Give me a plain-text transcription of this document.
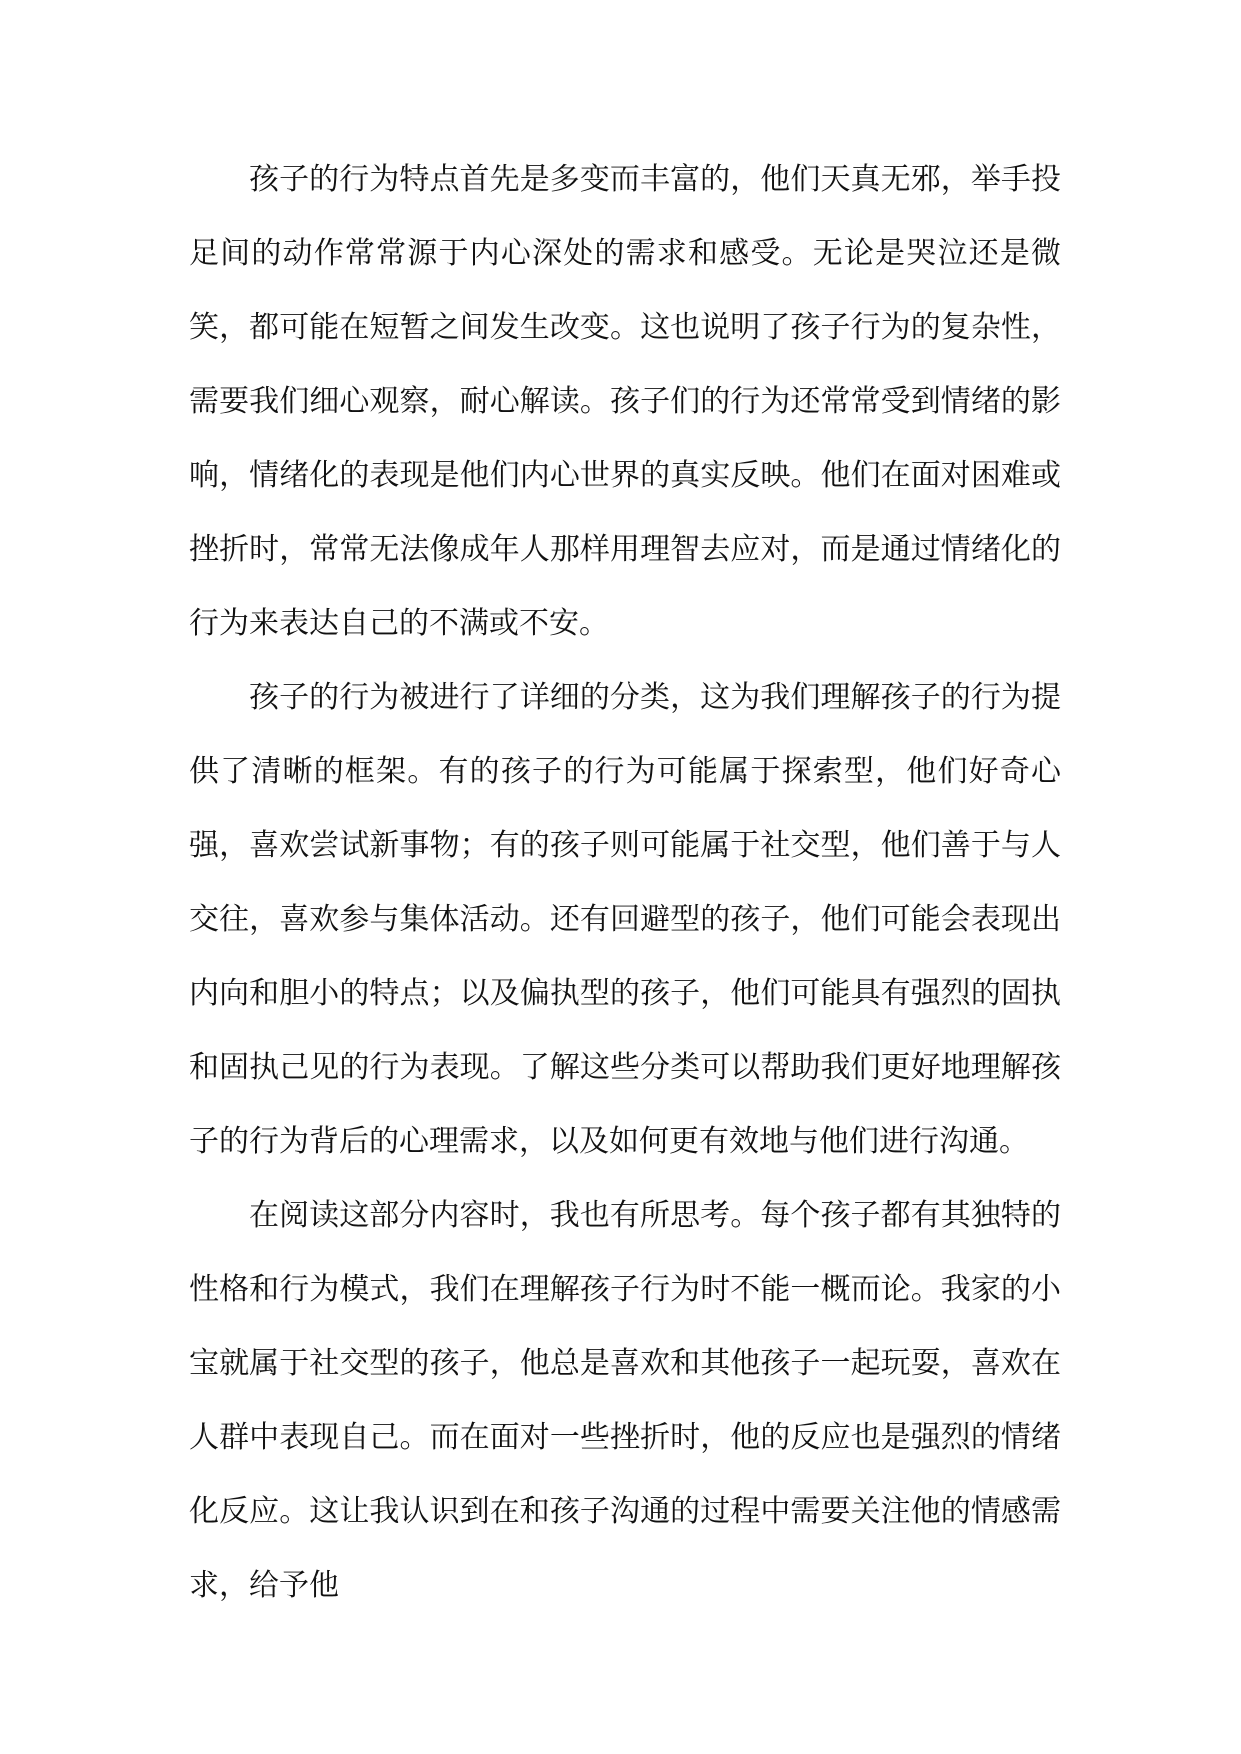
孩子的行为特点首先是多变而丰富的，他们天真无邪，举手投足间的动作常常源于内心深处的需求和感受。无论是哭泣还是微笑，都可能在短暂之间发生改变。这也说明了孩子行为的复杂性，需要我们细心观察，耐心解读。孩子们的行为还常常受到情绪的影响，情绪化的表现是他们内心世界的真实反映。他们在面对困难或挫折时，常常无法像成年人那样用理智去应对，而是通过情绪化的行为来表达自己的不满或不安。

孩子的行为被进行了详细的分类，这为我们理解孩子的行为提供了清晰的框架。有的孩子的行为可能属于探索型，他们好奇心强，喜欢尝试新事物；有的孩子则可能属于社交型，他们善于与人交往，喜欢参与集体活动。还有回避型的孩子，他们可能会表现出内向和胆小的特点；以及偏执型的孩子，他们可能具有强烈的固执和固执己见的行为表现。了解这些分类可以帮助我们更好地理解孩子的行为背后的心理需求，以及如何更有效地与他们进行沟通。

在阅读这部分内容时，我也有所思考。每个孩子都有其独特的性格和行为模式，我们在理解孩子行为时不能一概而论。我家的小宝就属于社交型的孩子，他总是喜欢和其他孩子一起玩耍，喜欢在人群中表现自己。而在面对一些挫折时，他的反应也是强烈的情绪化反应。这让我认识到在和孩子沟通的过程中需要关注他的情感需求，给予他
